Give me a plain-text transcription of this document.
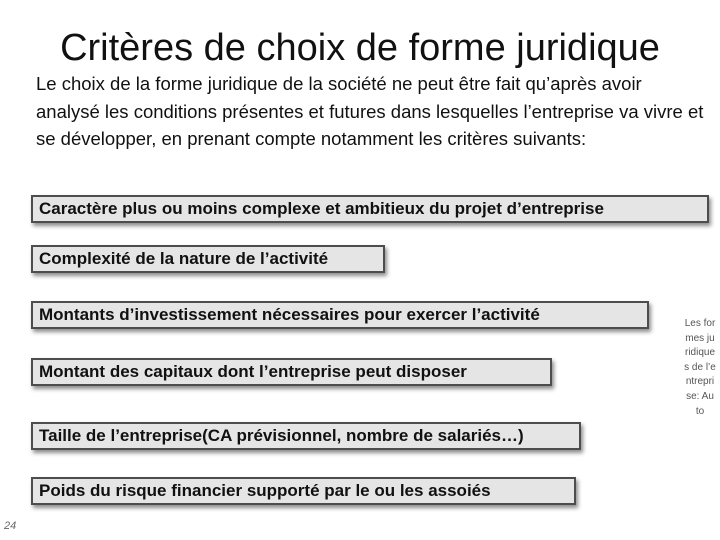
Critères de choix de forme juridique
Le choix de la forme juridique de la société ne peut être fait qu’après avoir analysé les conditions présentes et futures dans lesquelles l’entreprise va vivre et se développer, en prenant compte notamment les critères suivants:
Caractère plus ou moins complexe et ambitieux du projet d’entreprise
Complexité de la nature de l’activité
Montants d’investissement nécessaires pour exercer l’activité
Montant des capitaux dont l’entreprise peut disposer
Taille de l’entreprise(CA prévisionnel, nombre de salariés…)
Poids du risque financier supporté par le ou les assoiés
Les formes juridiques de l’entreprise: Au to
24
